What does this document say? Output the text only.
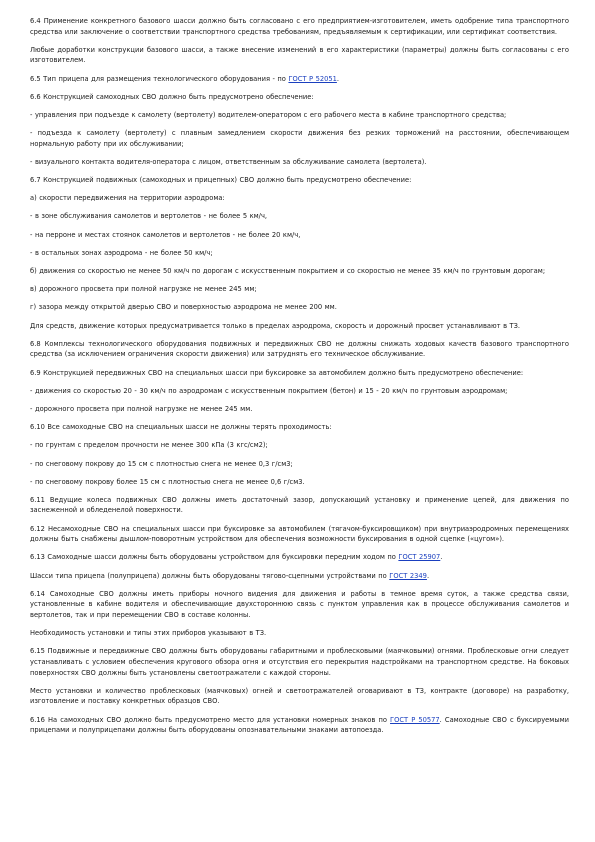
6.4 Применение конкретного базового шасси должно быть согласовано с его предприятием-изготовителем, иметь одобрение типа транспортного средства или заключение о соответствии транспортного средства требованиям, предъявляемым к сертификации, или сертификат соответствия.

Любые доработки конструкции базового шасси, а также внесение изменений в его характеристики (параметры) должны быть согласованы с его изготовителем.

6.5 Тип прицепа для размещения технологического оборудования - по ГОСТ Р 52051.

6.6 Конструкцией самоходных СВО должно быть предусмотрено обеспечение:

- управления при подъезде к самолету (вертолету) водителем-оператором с его рабочего места в кабине транспортного средства;

- подъезда к самолету (вертолету) с плавным замедлением скорости движения без резких торможений на расстоянии, обеспечивающем нормальную работу при их обслуживании;

- визуального контакта водителя-оператора с лицом, ответственным за обслуживание самолета (вертолета).

6.7 Конструкцией подвижных (самоходных и прицепных) СВО должно быть предусмотрено обеспечение:

а) скорости передвижения на территории аэродрома:

- в зоне обслуживания самолетов и вертолетов - не более 5 км/ч,

- на перроне и местах стоянок самолетов и вертолетов - не более 20 км/ч,

- в остальных зонах аэродрома - не более 50 км/ч;

б) движения со скоростью не менее 50 км/ч по дорогам с искусственным покрытием и со скоростью не менее 35 км/ч по грунтовым дорогам;

в) дорожного просвета при полной нагрузке не менее 245 мм;

г) зазора между открытой дверью СВО и поверхностью аэродрома не менее 200 мм.

Для средств, движение которых предусматривается только в пределах аэродрома, скорость и дорожный просвет устанавливают в ТЗ.

6.8 Комплексы технологического оборудования подвижных и передвижных СВО не должны снижать ходовых качеств базового транспортного средства (за исключением ограничения скорости движения) или затруднять его техническое обслуживание.

6.9 Конструкцией передвижных СВО на специальных шасси при буксировке за автомобилем должно быть предусмотрено обеспечение:

- движения со скоростью 20 - 30 км/ч по аэродромам с искусственным покрытием (бетон) и 15 - 20 км/ч по грунтовым аэродромам;

- дорожного просвета при полной нагрузке не менее 245 мм.

6.10 Все самоходные СВО на специальных шасси не должны терять проходимость:

- по грунтам с пределом прочности не менее 300 кПа (3 кгс/см2);

- по снеговому покрову до 15 см с плотностью снега не менее 0,3 г/см3;

- по снеговому покрову более 15 см с плотностью снега не менее 0,6 г/см3.

6.11 Ведущие колеса подвижных СВО должны иметь достаточный зазор, допускающий установку и применение цепей, для движения по заснеженной и обледенелой поверхности.

6.12 Несамоходные СВО на специальных шасси при буксировке за автомобилем (тягачом-буксировщиком) при внутриаэродромных перемещениях должны быть снабжены дышлом-поворотным устройством для обеспечения возможности буксирования в одной сцепке («цугом»).

6.13 Самоходные шасси должны быть оборудованы устройством для буксировки передним ходом по ГОСТ 25907.

Шасси типа прицепа (полуприцепа) должны быть оборудованы тягово-сцепными устройствами по ГОСТ 2349.

6.14 Самоходные СВО должны иметь приборы ночного видения для движения и работы в темное время суток, а также средства связи, установленные в кабине водителя и обеспечивающие двухстороннюю связь с пунктом управления как в процессе обслуживания самолетов и вертолетов, так и при перемещении СВО в составе колонны.

Необходимость установки и типы этих приборов указывают в ТЗ.

6.15 Подвижные и передвижные СВО должны быть оборудованы габаритными и проблесковыми (маячковыми) огнями. Проблесковые огни следует устанавливать с условием обеспечения кругового обзора огня и отсутствия его перекрытия надстройками на транспортном средстве. На боковых поверхностях СВО должны быть установлены светоотражатели с каждой стороны.

Место установки и количество проблесковых (маячковых) огней и светоотражателей оговаривают в ТЗ, контракте (договоре) на разработку, изготовление и поставку конкретных образцов СВО.

6.16 На самоходных СВО должно быть предусмотрено место для установки номерных знаков по ГОСТ Р 50577. Самоходные СВО с буксируемыми прицепами и полуприцепами должны быть оборудованы опознавательными знаками автопоезда.
